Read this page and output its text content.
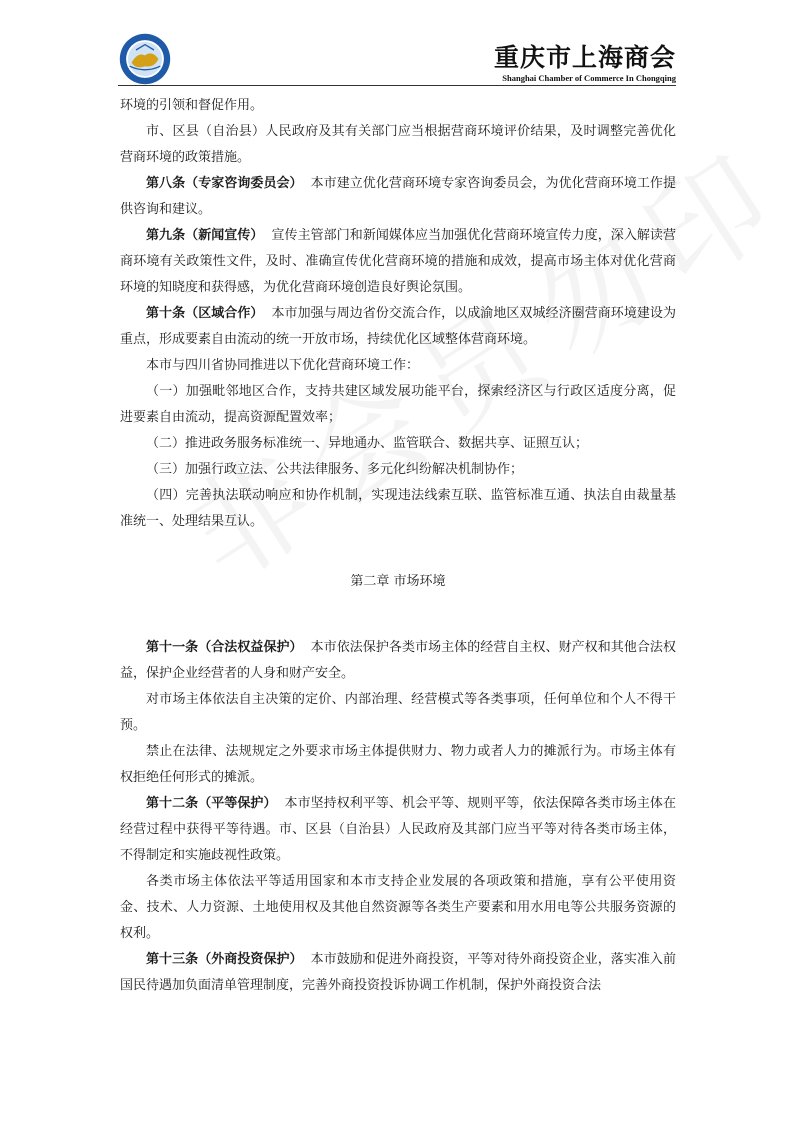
重庆市上海商会
Shanghai Chamber of Commerce In Chongqing

环境的引领和督促作用。

市、区县（自治县）人民政府及其有关部门应当根据营商环境评价结果，及时调整完善优化营商环境的政策措施。

第八条（专家咨询委员会） 本市建立优化营商环境专家咨询委员会，为优化营商环境工作提供咨询和建议。

第九条（新闻宣传） 宣传主管部门和新闻媒体应当加强优化营商环境宣传力度，深入解读营商环境有关政策性文件，及时、准确宣传优化营商环境的措施和成效，提高市场主体对优化营商环境的知晓度和获得感，为优化营商环境创造良好舆论氛围。

第十条（区域合作） 本市加强与周边省份交流合作，以成渝地区双城经济圈营商环境建设为重点，形成要素自由流动的统一开放市场，持续优化区域整体营商环境。

本市与四川省协同推进以下优化营商环境工作：

（一）加强毗邻地区合作，支持共建区域发展功能平台，探索经济区与行政区适度分离，促进要素自由流动，提高资源配置效率；

（二）推进政务服务标准统一、异地通办、监管联合、数据共享、证照互认；

（三）加强行政立法、公共法律服务、多元化纠纷解决机制协作；

（四）完善执法联动响应和协作机制，实现违法线索互联、监管标准互通、执法自由裁量基准统一、处理结果互认。

第二章 市场环境

第十一条（合法权益保护） 本市依法保护各类市场主体的经营自主权、财产权和其他合法权益，保护企业经营者的人身和财产安全。

对市场主体依法自主决策的定价、内部治理、经营模式等各类事项，任何单位和个人不得干预。

禁止在法律、法规规定之外要求市场主体提供财力、物力或者人力的摊派行为。市场主体有权拒绝任何形式的摊派。

第十二条（平等保护） 本市坚持权利平等、机会平等、规则平等，依法保障各类市场主体在经营过程中获得平等待遇。市、区县（自治县）人民政府及其部门应当平等对待各类市场主体，不得制定和实施歧视性政策。

各类市场主体依法平等适用国家和本市支持企业发展的各项政策和措施，享有公平使用资金、技术、人力资源、土地使用权及其他自然资源等各类生产要素和用水用电等公共服务资源的权利。

第十三条（外商投资保护） 本市鼓励和促进外商投资，平等对待外商投资企业，落实准入前国民待遇加负面清单管理制度，完善外商投资投诉协调工作机制，保护外商投资合法
